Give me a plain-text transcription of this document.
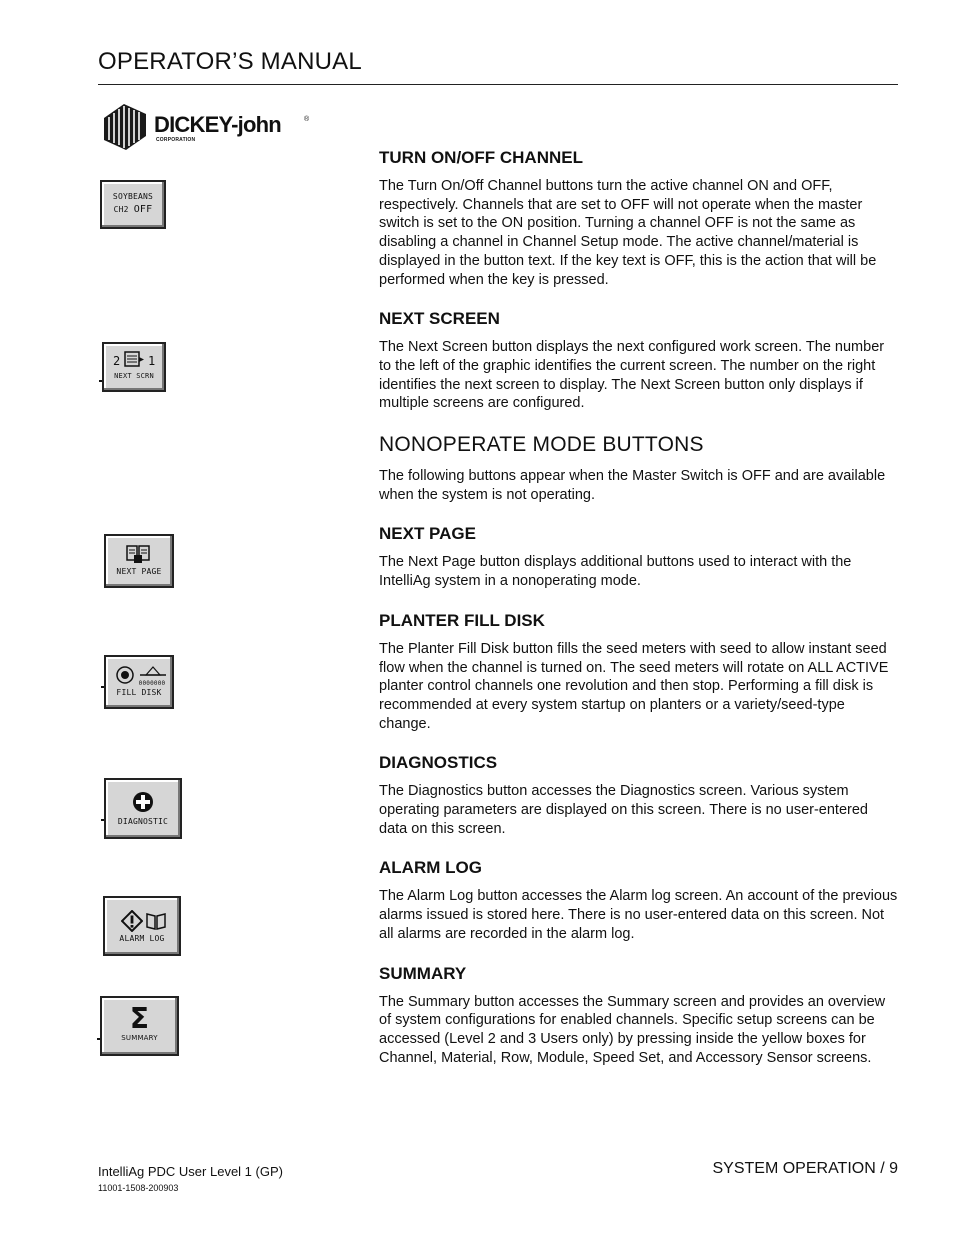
OPERATOR’S MANUAL
DICKEY-john	®
CORPORATION
SOYBEANS
CH2 OFF
2 1
NEXT SCRN
NEXT PAGE
0000000
FILL DISK
DIAGNOSTIC
ALARM LOG
Σ
SUMMARY
TURN ON/OFF CHANNEL
The Turn On/Off Channel buttons turn the active channel ON and OFF, respectively. Channels that are set to OFF will not operate when the master switch is set to the ON position. Turning a channel OFF is not the same as disabling a channel in Channel Setup mode. The active channel/material is displayed in the button text. If the key text is OFF, this is the action that will be performed when the key is pressed.
NEXT SCREEN
The Next Screen button displays the next configured work screen. The number to the left of the graphic identifies the current screen. The number on the right identifies the next screen to display. The Next Screen button only displays if multiple screens are configured.
NONOPERATE MODE BUTTONS
The following buttons appear when the Master Switch is OFF and are available when the system is not operating.
NEXT PAGE
The Next Page button displays additional buttons used to interact with the IntelliAg system in a nonoperating mode.
PLANTER FILL DISK
The Planter Fill Disk button fills the seed meters with seed to allow instant seed flow when the channel is turned on. The seed meters will rotate on ALL ACTIVE planter control channels one revolution and then stop. Performing a fill disk is recommended at every system startup on planters or a variety/seed-type change.
DIAGNOSTICS
The Diagnostics button accesses the Diagnostics screen. Various system operating parameters are displayed on this screen. There is no user-entered data on this screen.
ALARM LOG
The Alarm Log button accesses the Alarm log screen. An account of the previous alarms issued is stored here. There is no user-entered data on this screen. Not all alarms are recorded in the alarm log.
SUMMARY
The Summary button accesses the Summary screen and provides an overview of system configurations for enabled channels. Specific setup screens can be accessed (Level 2 and 3 Users only) by pressing inside the yellow boxes for Channel, Material, Row, Module, Speed Set, and Accessory Sensor screens.
IntelliAg PDC User Level 1 (GP)
11001-1508-200903
SYSTEM OPERATION / 9
